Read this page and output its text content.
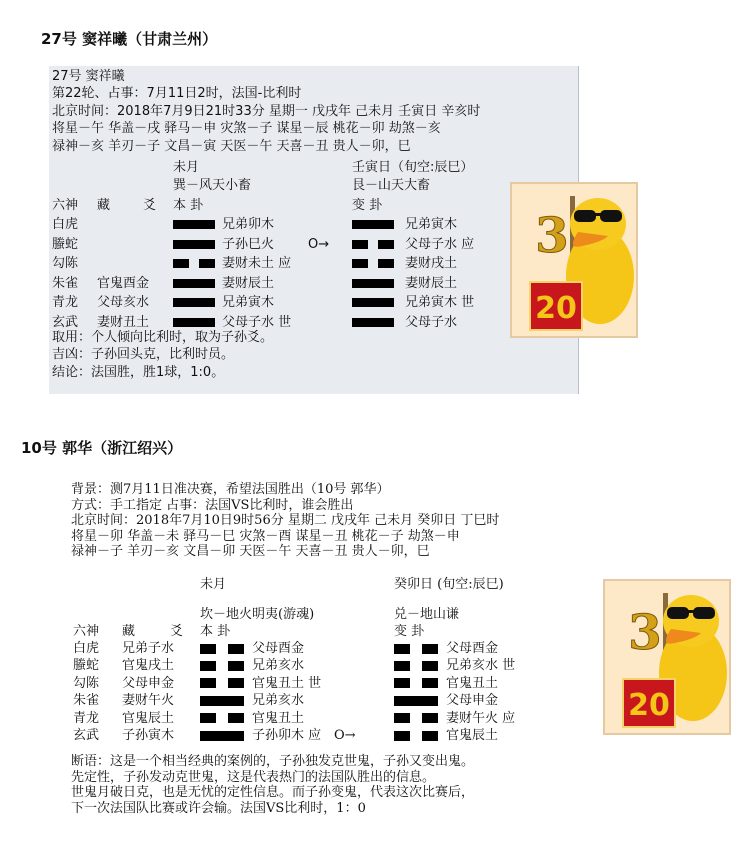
27号 窦祥曦（甘肃兰州）
27号 窦祥曦
第22轮、占事：7月11日2时，法国-比利时
北京时间：2018年7月9日21时33分 星期一 戊戌年 己未月 壬寅日 辛亥时
将星－午 华盖－戌 驿马－申 灾煞－子 谋星－辰 桃花－卯 劫煞－亥
禄神－亥 羊刃－子 文昌－寅 天医－午 天喜－丑 贵人－卯，巳
未月	壬寅日（旬空:辰巳）
巽－风天小畜	艮－山天大畜
六神 藏	爻 本 卦	变 卦
白虎	兄弟卯木	兄弟寅木
螣蛇	子孙巳火	O→	父母子水 应
勾陈	妻财未土 应	妻财戌土
朱雀 官鬼酉金	妻财辰土	妻财辰土
青龙 父母亥水	兄弟寅木	兄弟寅木 世
玄武 妻财丑土	父母子水 世	父母子水
取用：个人倾向比利时，取为子孙爻。
吉凶：子孙回头克，比利时员。
结论：法国胜，胜1球，1:0。
20
3
10号 郭华（浙江绍兴）
背景：测7月11日准决赛，希望法国胜出（10号 郭华）
方式：手工指定 占事：法国VS比利时，谁会胜出
北京时间：2018年7月10日9时56分 星期二 戊戌年 己未月 癸卯日 丁巳时
将星－卯 华盖－未 驿马－巳 灾煞－酉 谋星－丑 桃花－子 劫煞－申
禄神－子 羊刃－亥 文昌－卯 天医－午 天喜－丑 贵人－卯，巳
未月	癸卯日 (旬空:辰巳)
坎－地火明夷(游魂)	兑－地山谦
六神 藏	爻 本 卦	变 卦
白虎 兄弟子水	父母酉金	父母酉金
螣蛇 官鬼戌土	兄弟亥水	兄弟亥水 世
勾陈 父母申金	官鬼丑土 世	官鬼丑土
朱雀 妻财午火	兄弟亥水	父母申金
青龙 官鬼辰土	官鬼丑土	妻财午火 应
玄武 子孙寅木	子孙卯木 应 O→	官鬼辰土
断语：这是一个相当经典的案例的，子孙独发克世鬼，子孙又变出鬼。
先定性，子孙发动克世鬼，这是代表热门的法国队胜出的信息。
世鬼月破日克，也是无忧的定性信息。而子孙变鬼，代表这次比赛后，
下一次法国队比赛或许会输。法国VS比利时，1：0
20
3
